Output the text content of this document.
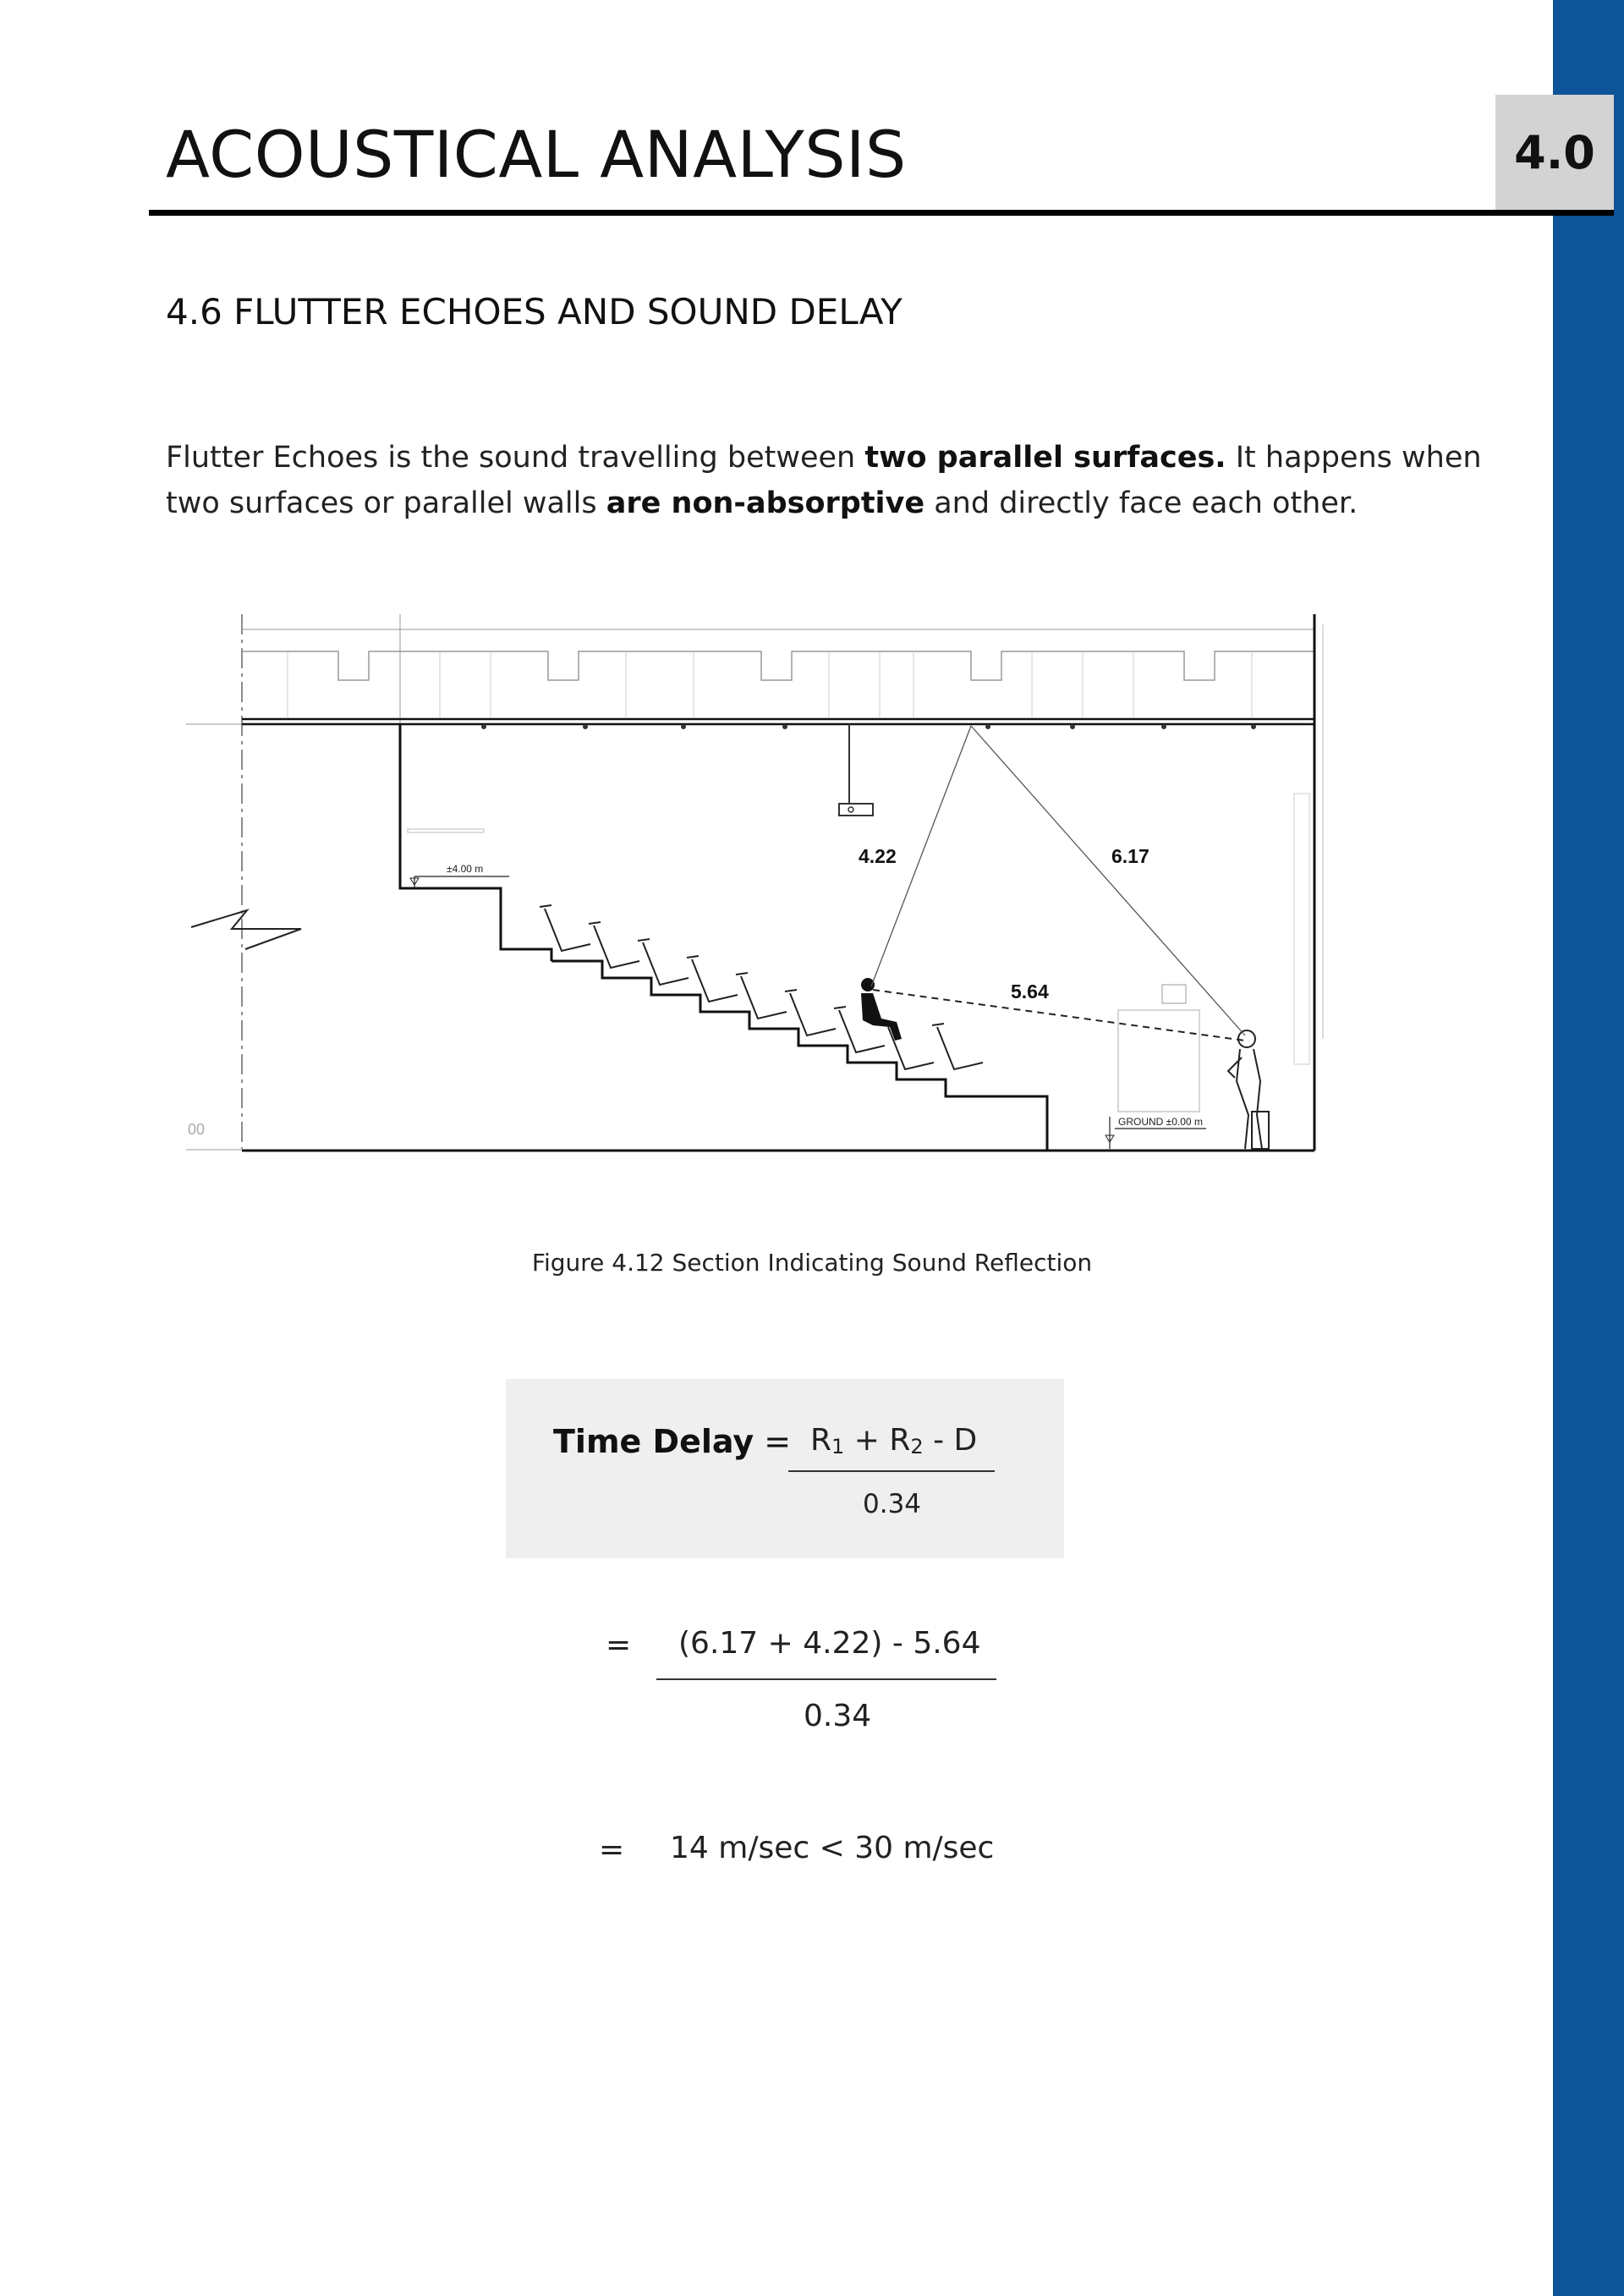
ACOUSTICAL ANALYSIS	4.0
4.6 FLUTTER ECHOES AND SOUND DELAY

Flutter Echoes is the sound travelling between two parallel surfaces. It happens when two surfaces or parallel walls are non-absorptive and directly face each other.

00
±4.00 m
GROUND ±0.00 m
4.22	6.17
5.64
Figure 4.12 Section Indicating Sound Reflection
Time Delay = $R_1 + R_2 - D$
0.34
= (6.17 + 4.22) - 5.64
0.34
= 14 m/sec < 30 m/sec
